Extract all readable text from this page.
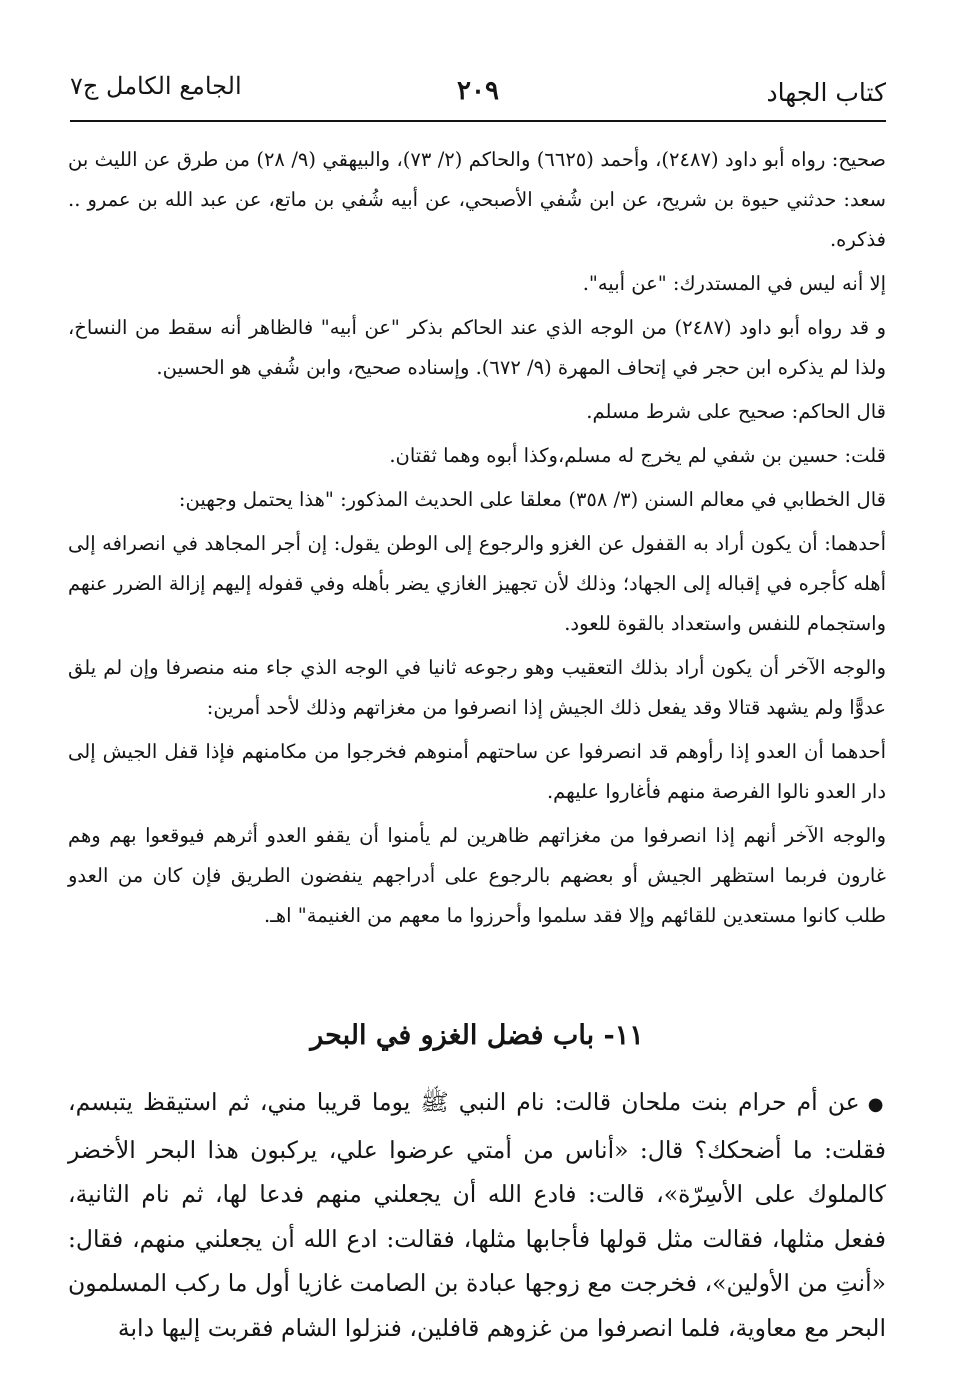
كتاب الجهاد
٢٠٩
الجامع الكامل ج٧

صحيح: رواه أبو داود (٢٤٨٧)، وأحمد (٦٦٢٥) والحاكم (٢/ ٧٣)، والبيهقي (٩/ ٢٨) من طرق عن الليث بن سعد: حدثني حيوة بن شريح، عن ابن شُفي الأصبحي، عن أبيه شُفي بن ماتع، عن عبد الله بن عمرو .. فذكره.

إلا أنه ليس في المستدرك: "عن أبيه".

و قد رواه أبو داود (٢٤٨٧) من الوجه الذي عند الحاكم بذكر "عن أبيه" فالظاهر أنه سقط من النساخ، ولذا لم يذكره ابن حجر في إتحاف المهرة (٩/ ٦٧٢). وإسناده صحيح، وابن شُفي هو الحسين.

قال الحاكم: صحيح على شرط مسلم.

قلت: حسين بن شفي لم يخرج له مسلم،وكذا أبوه وهما ثقتان.

قال الخطابي في معالم السنن (٣/ ٣٥٨) معلقا على الحديث المذكور: "هذا يحتمل وجهين:

أحدهما: أن يكون أراد به القفول عن الغزو والرجوع إلى الوطن يقول: إن أجر المجاهد في انصرافه إلى أهله كأجره في إقباله إلى الجهاد؛ وذلك لأن تجهيز الغازي يضر بأهله وفي قفوله إليهم إزالة الضرر عنهم واستجمام للنفس واستعداد بالقوة للعود.

والوجه الآخر أن يكون أراد بذلك التعقيب وهو رجوعه ثانيا في الوجه الذي جاء منه منصرفا وإن لم يلق عدوًّا ولم يشهد قتالا وقد يفعل ذلك الجيش إذا انصرفوا من مغزاتهم وذلك لأحد أمرين:

أحدهما أن العدو إذا رأوهم قد انصرفوا عن ساحتهم أمنوهم فخرجوا من مكامنهم فإذا قفل الجيش إلى دار العدو نالوا الفرصة منهم فأغاروا عليهم.

والوجه الآخر أنهم إذا انصرفوا من مغزاتهم ظاهرين لم يأمنوا أن يقفو العدو أثرهم فيوقعوا بهم وهم غارون فربما استظهر الجيش أو بعضهم بالرجوع على أدراجهم ينفضون الطريق فإن كان من العدو طلب كانوا مستعدين للقائهم وإلا فقد سلموا وأحرزوا ما معهم من الغنيمة" اهـ.

١١- باب فضل الغزو في البحر

●عن أم حرام بنت ملحان قالت: نام النبي ﷺ يوما قريبا مني، ثم استيقظ يتبسم، فقلت: ما أضحكك؟ قال: «أناس من أمتي عرضوا علي، يركبون هذا البحر الأخضر كالملوك على الأسِرّة»، قالت: فادع الله أن يجعلني منهم فدعا لها، ثم نام الثانية، ففعل مثلها، فقالت مثل قولها فأجابها مثلها، فقالت: ادع الله أن يجعلني منهم، فقال: «أنتِ من الأولين»، فخرجت مع زوجها عبادة بن الصامت غازيا أول ما ركب المسلمون البحر مع معاوية، فلما انصرفوا من غزوهم قافلين، فنزلوا الشام فقربت إليها دابة
